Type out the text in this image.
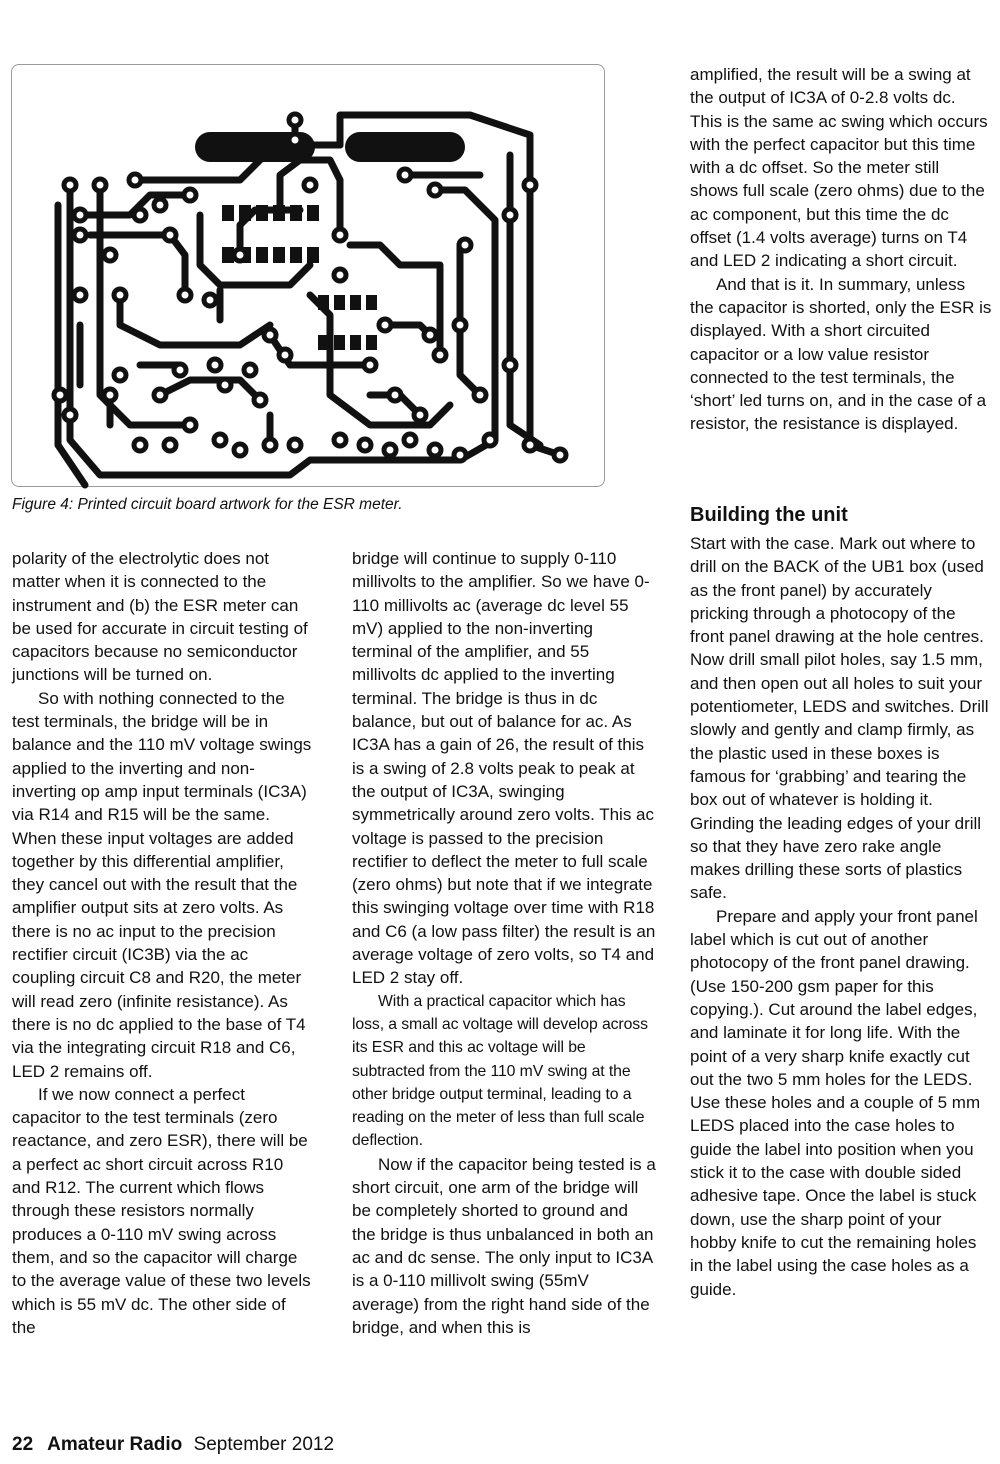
Figure 4: Printed circuit board artwork for the ESR meter.

polarity of the electrolytic does not matter when it is connected to the instrument and (b) the ESR meter can be used for accurate in circuit testing of capacitors because no semiconductor junctions will be turned on.

So with nothing connected to the test terminals, the bridge will be in balance and the 110 mV voltage swings applied to the inverting and non-inverting op amp input terminals (IC3A) via R14 and R15 will be the same. When these input voltages are added together by this differential amplifier, they cancel out with the result that the amplifier output sits at zero volts. As there is no ac input to the precision rectifier circuit (IC3B) via the ac coupling circuit C8 and R20, the meter will read zero (infinite resistance). As there is no dc applied to the base of T4 via the integrating circuit R18 and C6, LED 2 remains off.

If we now connect a perfect capacitor to the test terminals (zero reactance, and zero ESR), there will be a perfect ac short circuit across R10 and R12. The current which flows through these resistors normally produces a 0-110 mV swing across them, and so the capacitor will charge to the average value of these two levels which is 55 mV dc. The other side of the

bridge will continue to supply 0-110 millivolts to the amplifier. So we have 0-110 millivolts ac (average dc level 55 mV) applied to the non-inverting terminal of the amplifier, and 55 millivolts dc applied to the inverting terminal. The bridge is thus in dc balance, but out of balance for ac. As IC3A has a gain of 26, the result of this is a swing of 2.8 volts peak to peak at the output of IC3A, swinging symmetrically around zero volts. This ac voltage is passed to the precision rectifier to deflect the meter to full scale (zero ohms) but note that if we integrate this swinging voltage over time with R18 and C6 (a low pass filter) the result is an average voltage of zero volts, so T4 and LED 2 stay off.

With a practical capacitor which has loss, a small ac voltage will develop across its ESR and this ac voltage will be subtracted from the 110 mV swing at the other bridge output terminal, leading to a reading on the meter of less than full scale deflection.

Now if the capacitor being tested is a short circuit, one arm of the bridge will be completely shorted to ground and the bridge is thus unbalanced in both an ac and dc sense. The only input to IC3A is a 0-110 millivolt swing (55mV average) from the right hand side of the bridge, and when this is

amplified, the result will be a swing at the output of IC3A of 0-2.8 volts dc. This is the same ac swing which occurs with the perfect capacitor but this time with a dc offset. So the meter still shows full scale (zero ohms) due to the ac component, but this time the dc offset (1.4 volts average) turns on T4 and LED 2 indicating a short circuit.

And that is it. In summary, unless the capacitor is shorted, only the ESR is displayed. With a short circuited capacitor or a low value resistor connected to the test terminals, the ‘short’ led turns on, and in the case of a resistor, the resistance is displayed.

Building the unit

Start with the case. Mark out where to drill on the BACK of the UB1 box (used as the front panel) by accurately pricking through a photocopy of the front panel drawing at the hole centres. Now drill small pilot holes, say 1.5 mm, and then open out all holes to suit your potentiometer, LEDS and switches. Drill slowly and gently and clamp firmly, as the plastic used in these boxes is famous for ‘grabbing’ and tearing the box out of whatever is holding it. Grinding the leading edges of your drill so that they have zero rake angle makes drilling these sorts of plastics safe.

Prepare and apply your front panel label which is cut out of another photocopy of the front panel drawing. (Use 150-200 gsm paper for this copying.). Cut around the label edges, and laminate it for long life. With the point of a very sharp knife exactly cut out the two 5 mm holes for the LEDS. Use these holes and a couple of 5 mm LEDS placed into the case holes to guide the label into position when you stick it to the case with double sided adhesive tape. Once the label is stuck down, use the sharp point of your hobby knife to cut the remaining holes in the label using the case holes as a guide.

22 Amateur Radio September 2012
